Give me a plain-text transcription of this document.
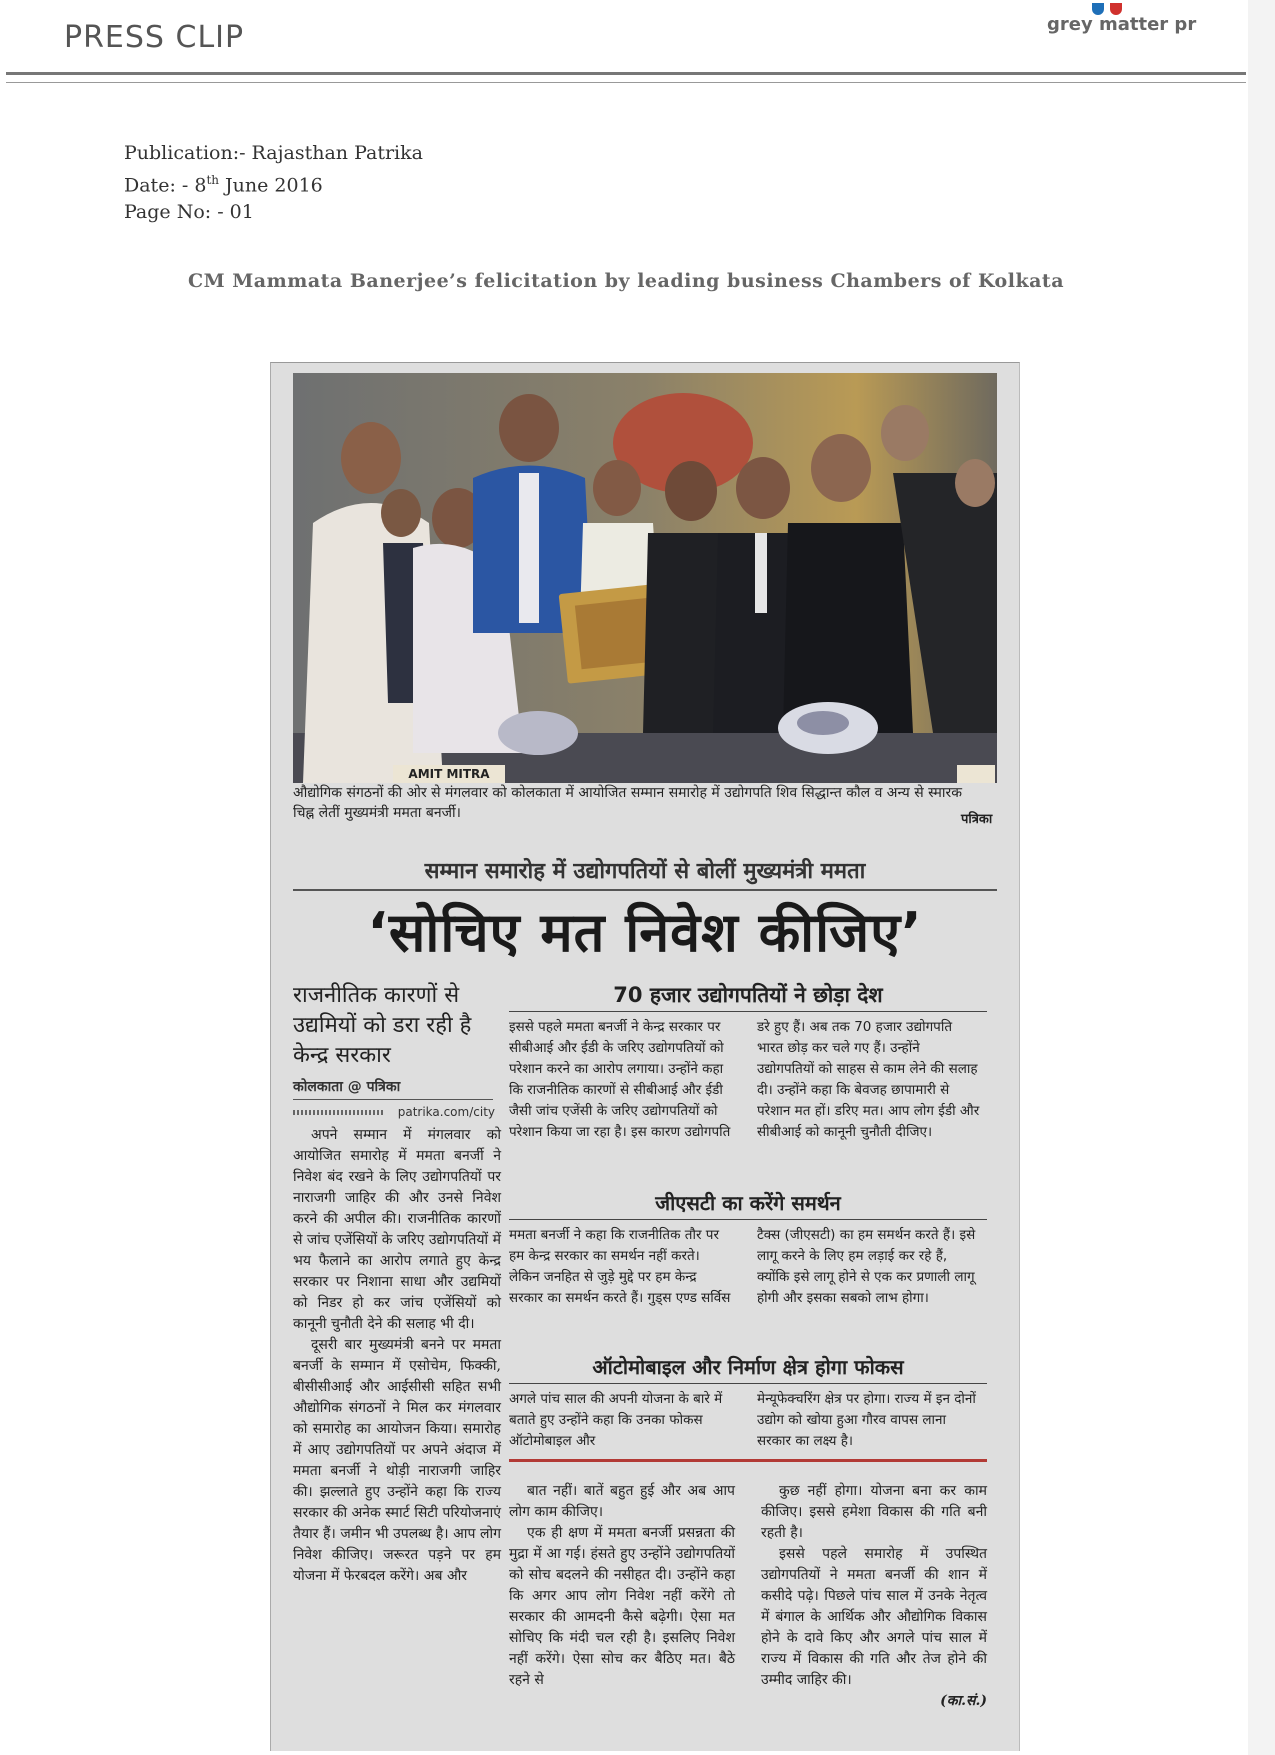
PRESS CLIP	grey matter pr
Publication:- Rajasthan Patrika
Date: - 8th June 2016
Page No: - 01
CM Mammata Banerjee’s felicitation by leading business Chambers of Kolkata
AMIT MITRA
औद्योगिक संगठनों की ओर से मंगलवार को कोलकाता में आयोजित सम्मान समारोह में उद्योगपति शिव सिद्धान्त कौल व अन्य से स्मारक चिह्न लेतीं मुख्यमंत्री ममता बनर्जी।	पत्रिका
सम्मान समारोह में उद्योगपतियों से बोलीं मुख्यमंत्री ममता
‘सोचिए मत निवेश कीजिए’
राजनीतिक कारणों से उद्यमियों को डरा रही है केन्द्र सरकार
कोलकाता @ पत्रिका
patrika.com/city

अपने सम्मान में मंगलवार को आयोजित समारोह में ममता बनर्जी ने निवेश बंद रखने के लिए उद्योगपतियों पर नाराजगी जाहिर की और उनसे निवेश करने की अपील की। राजनीतिक कारणों से जांच एजेंसियों के जरिए उद्योगपतियों में भय फैलाने का आरोप लगाते हुए केन्द्र सरकार पर निशाना साधा और उद्यमियों को निडर हो कर जांच एजेंसियों को कानूनी चुनौती देने की सलाह भी दी।

दूसरी बार मुख्यमंत्री बनने पर ममता बनर्जी के सम्मान में एसोचेम, फिक्की, बीसीसीआई और आईसीसी सहित सभी औद्योगिक संगठनों ने मिल कर मंगलवार को समारोह का आयोजन किया। समारोह में आए उद्योगपतियों पर अपने अंदाज में ममता बनर्जी ने थोड़ी नाराजगी जाहिर की। झल्लाते हुए उन्होंने कहा कि राज्य सरकार की अनेक स्मार्ट सिटी परियोजनाएं तैयार हैं। जमीन भी उपलब्ध है। आप लोग निवेश कीजिए। जरूरत पड़ने पर हम योजना में फेरबदल करेंगे। अब और

70 हजार उद्योगपतियों ने छोड़ा देश
इससे पहले ममता बनर्जी ने केन्द्र सरकार पर सीबीआई और ईडी के जरिए उद्योगपतियों को परेशान करने का आरोप लगाया। उन्होंने कहा कि राजनीतिक कारणों से सीबीआई और ईडी जैसी जांच एजेंसी के जरिए उद्योगपतियों को परेशान किया जा रहा है। इस कारण उद्योगपति
डरे हुए हैं। अब तक 70 हजार उद्योगपति भारत छोड़ कर चले गए हैं। उन्होंने उद्योगपतियों को साहस से काम लेने की सलाह दी। उन्होंने कहा कि बेवजह छापामारी से परेशान मत हों। डरिए मत। आप लोग ईडी और सीबीआई को कानूनी चुनौती दीजिए।
जीएसटी का करेंगे समर्थन
ममता बनर्जी ने कहा कि राजनीतिक तौर पर हम केन्द्र सरकार का समर्थन नहीं करते। लेकिन जनहित से जुड़े मुद्दे पर हम केन्द्र सरकार का समर्थन करते हैं। गुड्स एण्ड सर्विस
टैक्स (जीएसटी) का हम समर्थन करते हैं। इसे लागू करने के लिए हम लड़ाई कर रहे हैं, क्योंकि इसे लागू होने से एक कर प्रणाली लागू होगी और इसका सबको लाभ होगा।
ऑटोमोबाइल और निर्माण क्षेत्र होगा फोकस
अगले पांच साल की अपनी योजना के बारे में बताते हुए उन्होंने कहा कि उनका फोकस ऑटोमोबाइल और
मेन्यूफेक्चरिंग क्षेत्र पर होगा। राज्य में इन दोनों उद्योग को खोया हुआ गौरव वापस लाना सरकार का लक्ष्य है।

बात नहीं। बातें बहुत हुई और अब आप लोग काम कीजिए।

एक ही क्षण में ममता बनर्जी प्रसन्नता की मुद्रा में आ गई। हंसते हुए उन्होंने उद्योगपतियों को सोच बदलने की नसीहत दी। उन्होंने कहा कि अगर आप लोग निवेश नहीं करेंगे तो सरकार की आमदनी कैसे बढ़ेगी। ऐसा मत सोचिए कि मंदी चल रही है। इसलिए निवेश नहीं करेंगे। ऐसा सोच कर बैठिए मत। बैठे रहने से

कुछ नहीं होगा। योजना बना कर काम कीजिए। इससे हमेशा विकास की गति बनी रहती है।

इससे पहले समारोह में उपस्थित उद्योगपतियों ने ममता बनर्जी की शान में कसीदे पढ़े। पिछले पांच साल में उनके नेतृत्व में बंगाल के आर्थिक और औद्योगिक विकास होने के दावे किए और अगले पांच साल में राज्य में विकास की गति और तेज होने की उम्मीद जाहिर की।

(का.सं.)
